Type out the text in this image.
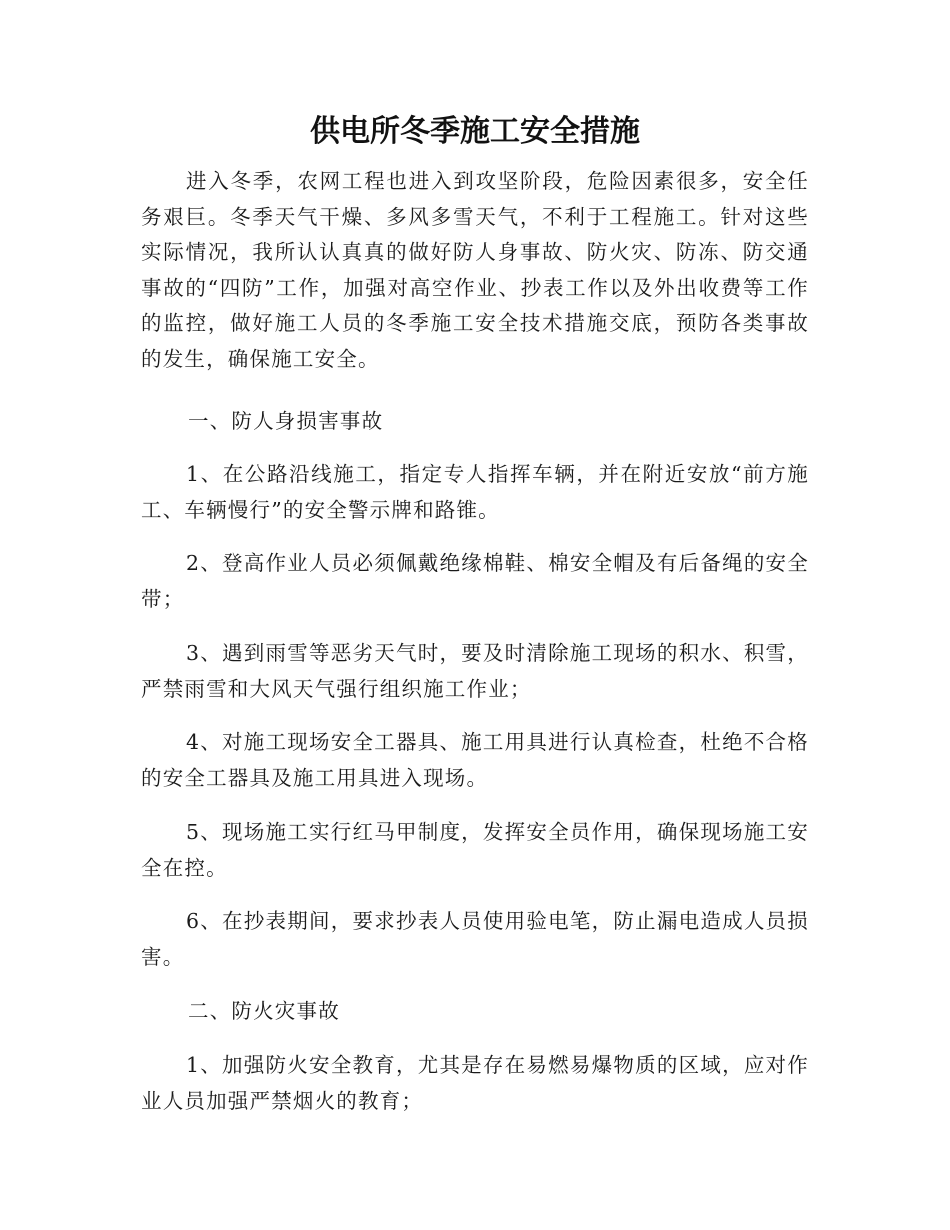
供电所冬季施工安全措施

进入冬季，农网工程也进入到攻坚阶段，危险因素很多，安全任务艰巨。冬季天气干燥、多风多雪天气，不利于工程施工。针对这些实际情况，我所认认真真的做好防人身事故、防火灾、防冻、防交通事故的“四防”工作，加强对高空作业、抄表工作以及外出收费等工作的监控，做好施工人员的冬季施工安全技术措施交底，预防各类事故的发生，确保施工安全。

一、防人身损害事故

1、在公路沿线施工，指定专人指挥车辆，并在附近安放“前方施工、车辆慢行”的安全警示牌和路锥。

2、登高作业人员必须佩戴绝缘棉鞋、棉安全帽及有后备绳的安全带；

3、遇到雨雪等恶劣天气时，要及时清除施工现场的积水、积雪，严禁雨雪和大风天气强行组织施工作业；

4、对施工现场安全工器具、施工用具进行认真检查，杜绝不合格的安全工器具及施工用具进入现场。

5、现场施工实行红马甲制度，发挥安全员作用，确保现场施工安全在控。

6、在抄表期间，要求抄表人员使用验电笔，防止漏电造成人员损害。

二、防火灾事故

1、加强防火安全教育，尤其是存在易燃易爆物质的区域，应对作业人员加强严禁烟火的教育；
